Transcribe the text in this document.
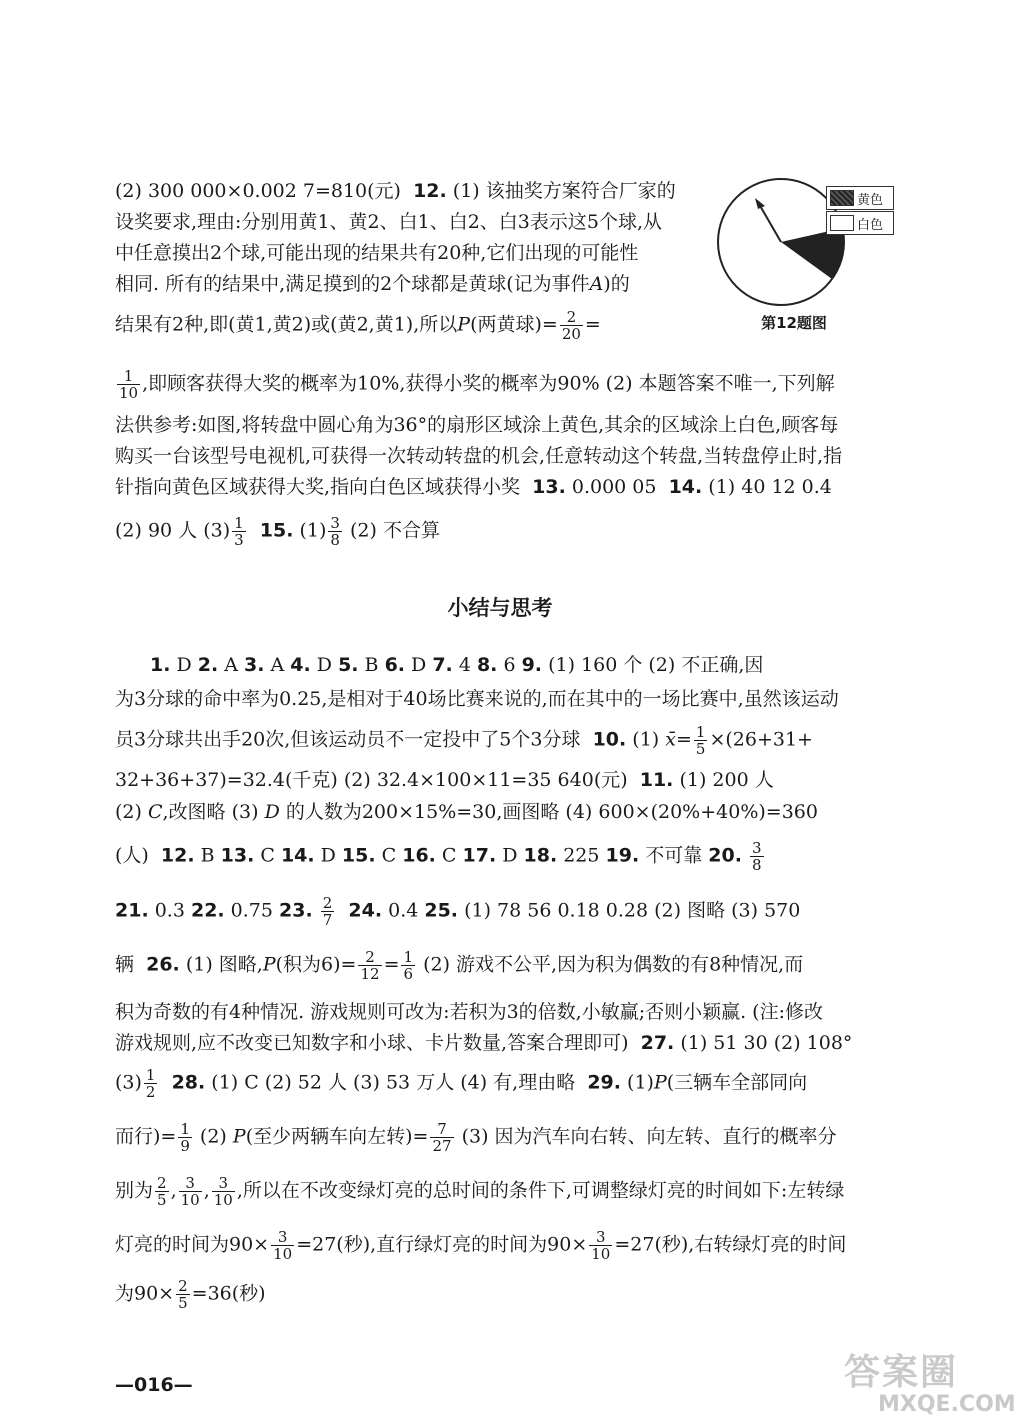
黄色
白色
第12题图
(2) 300 000×0.002 7=810(元) 12. (1) 该抽奖方案符合厂家的
设奖要求,理由:分别用黄1、黄2、白1、白2、白3表示这5个球,从
中任意摸出2个球,可能出现的结果共有20种,它们出现的可能性
相同. 所有的结果中,满足摸到的2个球都是黄球(记为事件A)的
结果有2种,即(黄1,黄2)或(黄2,黄1),所以P(两黄球)= $\frac{2}{20}$ =
$\frac{1}{10}$ ,即顾客获得大奖的概率为10%,获得小奖的概率为90% (2) 本题答案不唯一,下列解
法供参考:如图,将转盘中圆心角为36°的扇形区域涂上黄色,其余的区域涂上白色,顾客每
购买一台该型号电视机,可获得一次转动转盘的机会,任意转动这个转盘,当转盘停止时,指
针指向黄色区域获得大奖,指向白色区域获得小奖 13. 0.000 05 14. (1) 40 12 0.4
(2) 90 人 $(3) \frac{1}{3} 15$. $(1) \frac{3}{8} (2)$ 不合算
小结与思考
1. D 2. A 3. A 4. D 5. B 6. D 7. 4 8. 6 9. (1) 160 个 (2) 不正确,因
为3分球的命中率为0.25,是相对于40场比赛来说的,而在其中的一场比赛中,虽然该运动
员3分球共出手20次,但该运动员不一定投中了5个3分球 10. (1) x̄= $\frac{1}{5} \times(26+31+$
32+36+37)=32.4(千克) (2) 32.4×100×11=35 640(元) 11. (1) 200 人
(2) C,改图略 (3) D 的人数为200×15%=30,画图略 (4) 600×(20%+40%)=360
(人) 12. B 13. C 14. D 15. C 16. C 17. D 18. 225 19. 不可靠 20. $\frac{3}{8}$
21. 0.3 22. 0.75 23. $\frac{2}{7} 24$. 0.4 25. (1) 78 56 0.18 0.28 (2) 图略 (3) 570
辆 26. (1) 图略,P(积为$6)= \frac{2}{12} = \frac{1}{6} (2)$ 游戏不公平,因为积为偶数的有8种情况,而
积为奇数的有4种情况. 游戏规则可改为:若积为3的倍数,小敏赢;否则小颖赢. (注:修改
游戏规则,应不改变已知数字和小球、卡片数量,答案合理即可) 27. (1) 51 30 (2) 108°
$(3) \frac{1}{2} 28$. (1) C (2) 52 人 (3) 53 万人 (4) 有,理由略 29. (1)P(三辆车全部同向
而行)= $\frac{1}{9} (2)$ P(至少两辆车向左转)= $\frac{7}{27} (3)$ 因为汽车向右转、向左转、直行的概率分
别为 $\frac{2}{5}$ , $\frac{3}{10}$ , $\frac{3}{10}$ ,所以在不改变绿灯亮的总时间的条件下,可调整绿灯亮的时间如下:左转绿
灯亮的时间为$90\times \frac{3}{10} =27$(秒),直行绿灯亮的时间为$90\times \frac{3}{10} =27$(秒),右转绿灯亮的时间
为$90\times \frac{2}{5} =36$(秒)
—016—	答案圈
MXQE.COM
